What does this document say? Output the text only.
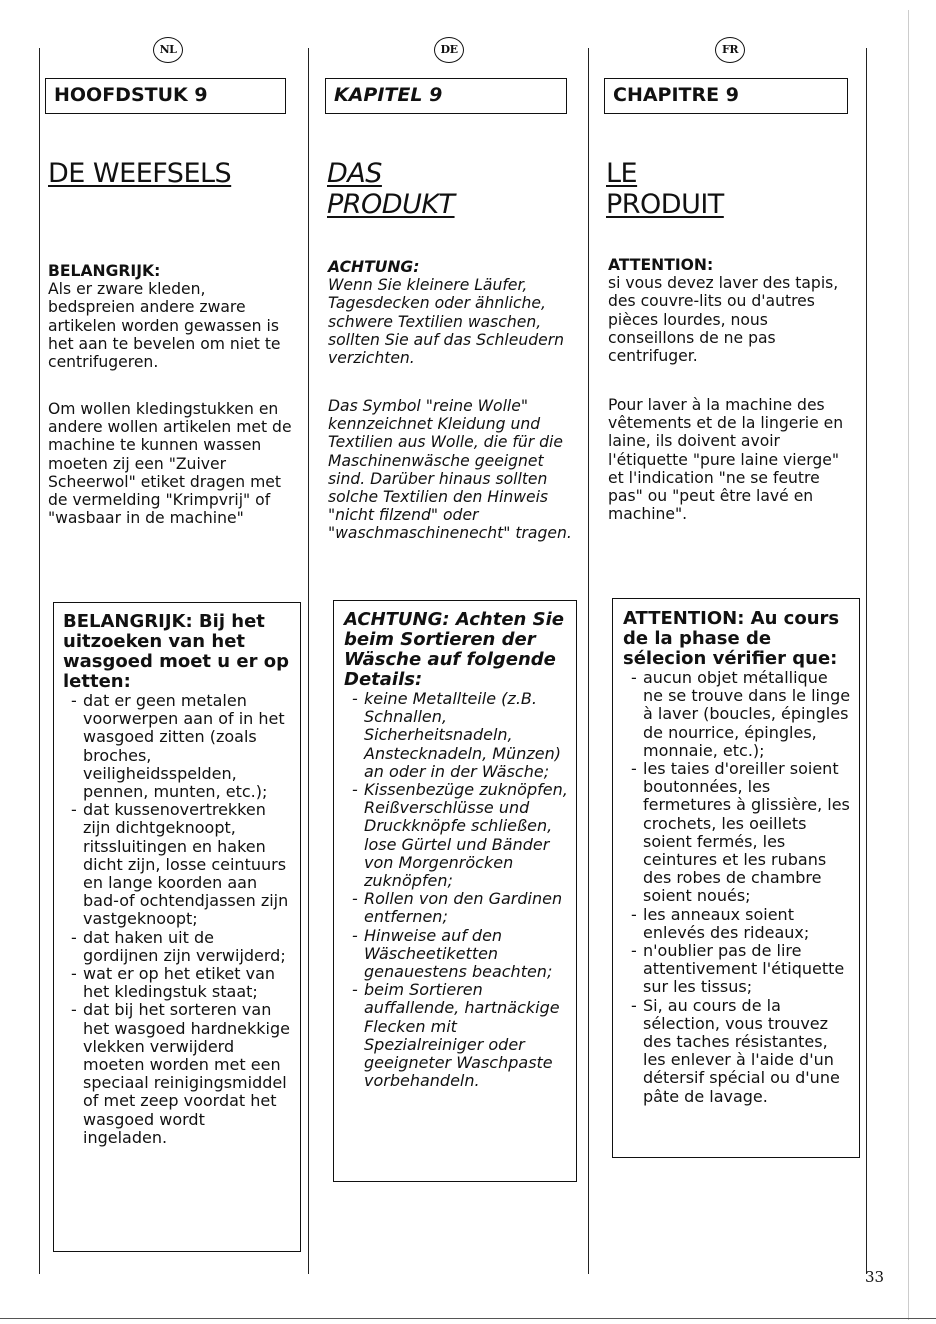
NL
HOOFDSTUK 9
DE WEEFSELS
BELANGRIJK:
Als er zware kleden, bedspreien andere zware artikelen worden gewassen is het aan te bevelen om niet te centrifugeren.
Om wollen kledingstukken en andere wollen artikelen met de machine te kunnen wassen moeten zij een "Zuiver Scheerwol" etiket dragen met de vermelding "Krimpvrij" of "wasbaar in de machine"
BELANGRIJK: Bij het uitzoeken van het wasgoed moet u er op letten:
- dat er geen metalen voorwerpen aan of in het wasgoed zitten (zoals broches, veiligheidsspelden, pennen, munten, etc.);
- dat kussenovertrekken zijn dichtgeknoopt, ritssluitingen en haken dicht zijn, losse ceintuurs en lange koorden aan bad-of ochtendjassen zijn vastgeknoopt;
- dat haken uit de gordijnen zijn verwijderd;
- wat er op het etiket van het kledingstuk staat;
- dat bij het sorteren van het wasgoed hardnekkige vlekken verwijderd moeten worden met een speciaal reinigingsmiddel of met zeep voordat het wasgoed wordt ingeladen.
DE
KAPITEL 9
DAS PRODUKT
ACHTUNG:
Wenn Sie kleinere Läufer, Tagesdecken oder ähnliche, schwere Textilien waschen, sollten Sie auf das Schleudern verzichten.
Das Symbol "reine Wolle" kennzeichnet Kleidung und Textilien aus Wolle, die für die Maschinenwäsche geeignet sind. Darüber hinaus sollten solche Textilien den Hinweis "nicht filzend" oder "waschmaschinenecht" tragen.
ACHTUNG: Achten Sie beim Sortieren der Wäsche auf folgende Details:
- keine Metallteile (z.B. Schnallen, Sicherheitsnadeln, Anstecknadeln, Münzen) an oder in der Wäsche;
- Kissenbezüge zuknöpfen, Reißverschlüsse und Druckknöpfe schließen, lose Gürtel und Bänder von Morgenröcken zuknöpfen;
- Rollen von den Gardinen entfernen;
- Hinweise auf den Wäscheetiketten genauestens beachten;
- beim Sortieren auffallende, hartnäckige Flecken mit Spezialreiniger oder geeigneter Waschpaste vorbehandeln.
FR
CHAPITRE 9
LE PRODUIT
ATTENTION:
si vous devez laver des tapis, des couvre-lits ou d'autres pièces lourdes, nous conseillons de ne pas centrifuger.
Pour laver à la machine des vêtements et de la lingerie en laine, ils doivent avoir l'étiquette "pure laine vierge" et l'indication "ne se feutre pas" ou "peut être lavé en machine".
ATTENTION: Au cours de la phase de sélecion vérifier que:
- aucun objet métallique ne se trouve dans le linge à laver (boucles, épingles de nourrice, épingles, monnaie, etc.);
- les taies d'oreiller soient boutonnées, les fermetures à glissière, les crochets, les oeillets soient fermés, les ceintures et les rubans des robes de chambre soient noués;
- les anneaux soient enlevés des rideaux;
- n'oublier pas de lire attentivement l'étiquette sur les tissus;
- Si, au cours de la sélection, vous trouvez des taches résistantes, les enlever à l'aide d'un détersif spécial ou d'une pâte de lavage.
33
